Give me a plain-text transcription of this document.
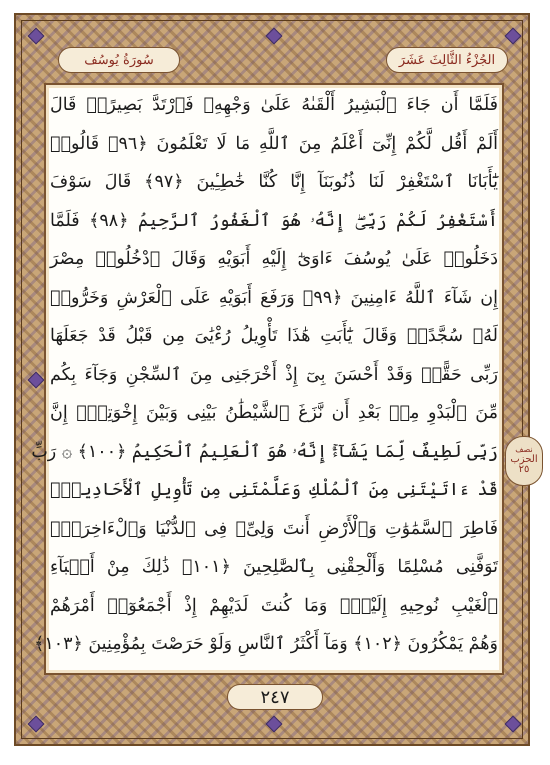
سُورَةُ يُوسُف	الجُزْءُ الثَّالِثَ عَشَرَ
فَلَمَّا أَن جَاءَ ٱلْبَشِيرُ أَلْقَىٰهُ عَلَىٰ وَجْهِهِۦ فَٱرْتَدَّ بَصِيرًاۖ قَالَ
أَلَمْ أَقُل لَّكُمْ إِنِّىٓ أَعْلَمُ مِنَ ٱللَّهِ مَا لَا تَعْلَمُونَ ﴿٩٦﴾ قَالُوا۟
يَٰٓأَبَانَا ٱسْتَغْفِرْ لَنَا ذُنُوبَنَآ إِنَّا كُنَّا خَٰطِـِٔينَ ﴿٩٧﴾ قَالَ سَوْفَ
أَسْتَغْفِرُ لَكُمْ رَبِّىٓۖ إِنَّهُۥ هُوَ ٱلْغَفُورُ ٱلرَّحِيمُ ﴿٩٨﴾ فَلَمَّا
دَخَلُوا۟ عَلَىٰ يُوسُفَ ءَاوَىٰٓ إِلَيْهِ أَبَوَيْهِ وَقَالَ ٱدْخُلُوا۟ مِصْرَ
إِن شَآءَ ٱللَّهُ ءَامِنِينَ ﴿٩٩﴾ وَرَفَعَ أَبَوَيْهِ عَلَى ٱلْعَرْشِ وَخَرُّوا۟
لَهُۥ سُجَّدًاۖ وَقَالَ يَٰٓأَبَتِ هَٰذَا تَأْوِيلُ رُءْيَٰىَ مِن قَبْلُ قَدْ جَعَلَهَا
رَبِّى حَقًّاۖ وَقَدْ أَحْسَنَ بِىٓ إِذْ أَخْرَجَنِى مِنَ ٱلسِّجْنِ وَجَآءَ بِكُم
مِّنَ ٱلْبَدْوِ مِنۢ بَعْدِ أَن نَّزَغَ ٱلشَّيْطَٰنُ بَيْنِى وَبَيْنَ إِخْوَتِىٓۚ إِنَّ
رَبِّى لَطِيفٌ لِّمَا يَشَآءُۚ إِنَّهُۥ هُوَ ٱلْعَلِيمُ ٱلْحَكِيمُ ﴿١٠٠﴾ ۞ رَبِّ
قَدْ ءَاتَيْتَنِى مِنَ ٱلْمُلْكِ وَعَلَّمْتَنِى مِن تَأْوِيلِ ٱلْأَحَادِيثِۚ
فَاطِرَ ٱلسَّمَٰوَٰتِ وَٱلْأَرْضِ أَنتَ وَلِىِّۦ فِى ٱلدُّنْيَا وَٱلْءَاخِرَةِۖ
تَوَفَّنِى مُسْلِمًا وَأَلْحِقْنِى بِٱلصَّٰلِحِينَ ﴿١٠١﴾ ذَٰلِكَ مِنْ أَنۢبَآءِ
ٱلْغَيْبِ نُوحِيهِ إِلَيْكَۖ وَمَا كُنتَ لَدَيْهِمْ إِذْ أَجْمَعُوٓا۟ أَمْرَهُمْ
وَهُمْ يَمْكُرُونَ ﴿١٠٢﴾ وَمَآ أَكْثَرُ ٱلنَّاسِ وَلَوْ حَرَصْتَ بِمُؤْمِنِينَ ﴿١٠٣﴾
نصف
الحزب
٢٥
٢٤٧
